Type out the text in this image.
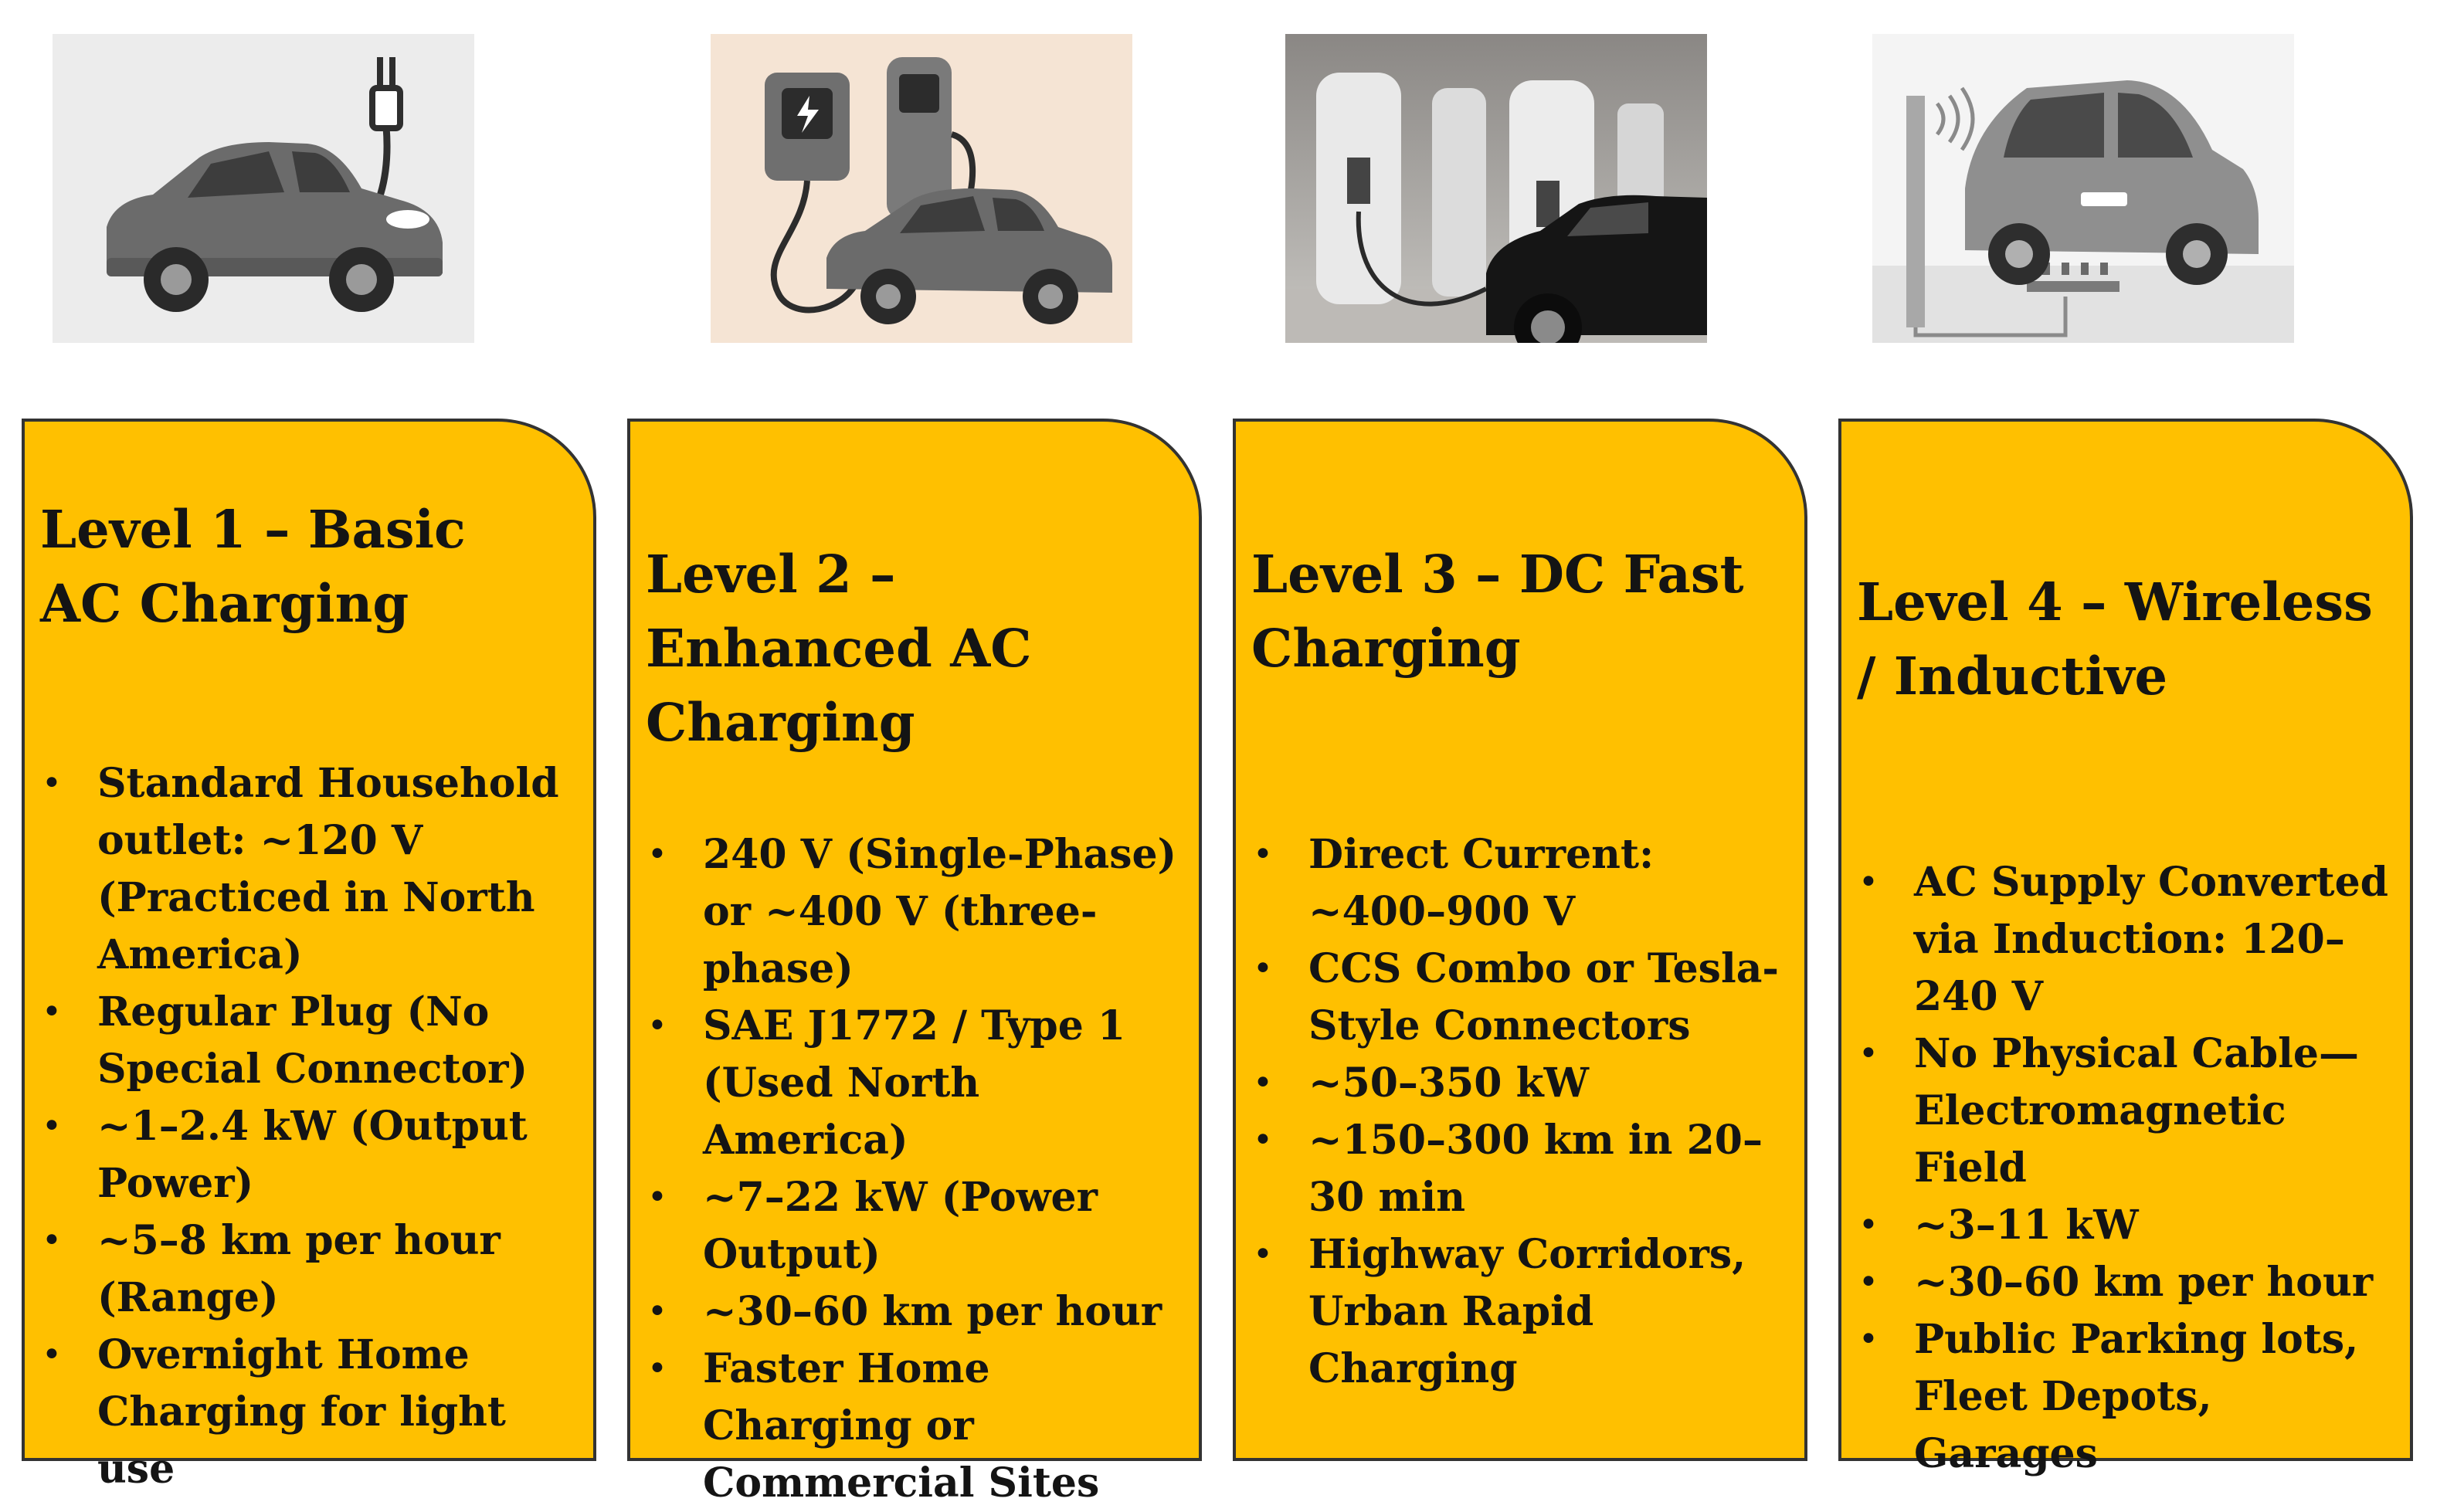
Level 1 – Basic AC Charging
• Standard Household outlet: ~120 V (Practiced in North America)
• Regular Plug (No Special Connector)
• ~1–2.4 kW (Output Power)
• ~5–8 km per hour (Range)
• Overnight Home Charging for light use
Level 2 – Enhanced AC Charging
• 240 V (Single-Phase) or ~400 V (three-phase)
• SAE J1772 / Type 1 (Used North America)
• ~7–22 kW (Power Output)
• ~30–60 km per hour
• Faster Home Charging or Commercial Sites
Level 3 – DC Fast Charging
• Direct Current: ~400–900 V
• CCS Combo or Tesla-Style Connectors
• ~50–350 kW
• ~150–300 km in 20–30 min
• Highway Corridors, Urban Rapid Charging
Level 4 – Wireless / Inductive
• AC Supply Converted via Induction: 120–240 V
• No Physical Cable—Electromagnetic Field
• ~3–11 kW
• ~30–60 km per hour
• Public Parking lots, Fleet Depots, Garages
